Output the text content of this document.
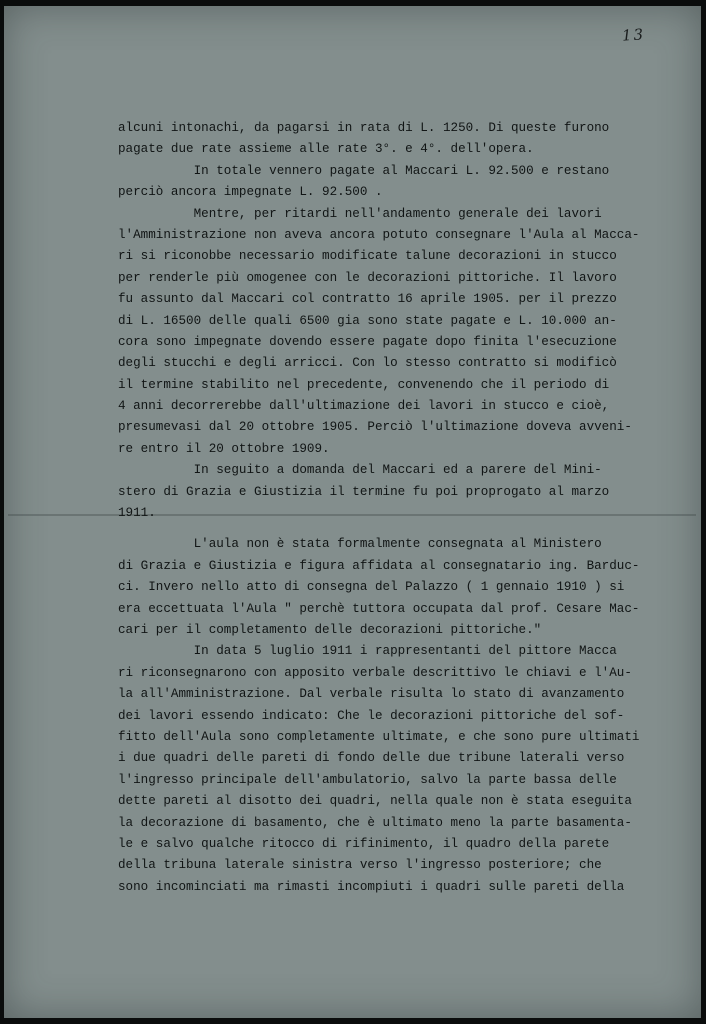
13
alcuni intonachi, da pagarsi in rata di L. 1250. Di queste furono
pagate due rate assieme alle rate 3°. e 4°. dell'opera.
In totale vennero pagate al Maccari L. 92.500 e restano
perciò ancora impegnate L. 92.500 .
Mentre, per ritardi nell'andamento generale dei lavori
l'Amministrazione non aveva ancora potuto consegnare l'Aula al Macca-
ri si riconobbe necessario modificate talune decorazioni in stucco
per renderle più omogenee con le decorazioni pittoriche. Il lavoro
fu assunto dal Maccari col contratto 16 aprile 1905. per il prezzo
di L. 16500 delle quali 6500 gia sono state pagate e L. 10.000 an-
cora sono impegnate dovendo essere pagate dopo finita l'esecuzione
degli stucchi e degli arricci. Con lo stesso contratto si modificò
il termine stabilito nel precedente, convenendo che il periodo di
4 anni decorrerebbe dall'ultimazione dei lavori in stucco e cioè,
presumevasi dal 20 ottobre 1905. Perciò l'ultimazione doveva avveni-
re entro il 20 ottobre 1909.
In seguito a domanda del Maccari ed a parere del Mini-
stero di Grazia e Giustizia il termine fu poi proprogato al marzo
1911.
L'aula non è stata formalmente consegnata al Ministero
di Grazia e Giustizia e figura affidata al consegnatario ing. Barduc-
ci. Invero nello atto di consegna del Palazzo ( 1 gennaio 1910 ) si
era eccettuata l'Aula " perchè tuttora occupata dal prof. Cesare Mac-
cari per il completamento delle decorazioni pittoriche."
In data 5 luglio 1911 i rappresentanti del pittore Macca
ri riconsegnarono con apposito verbale descrittivo le chiavi e l'Au-
la all'Amministrazione. Dal verbale risulta lo stato di avanzamento
dei lavori essendo indicato: Che le decorazioni pittoriche del sof-
fitto dell'Aula sono completamente ultimate, e che sono pure ultimati
i due quadri delle pareti di fondo delle due tribune laterali verso
l'ingresso principale dell'ambulatorio, salvo la parte bassa delle
dette pareti al disotto dei quadri, nella quale non è stata eseguita
la decorazione di basamento, che è ultimato meno la parte basamenta-
le e salvo qualche ritocco di rifinimento, il quadro della parete
della tribuna laterale sinistra verso l'ingresso posteriore; che
sono incominciati ma rimasti incompiuti i quadri sulle pareti della
